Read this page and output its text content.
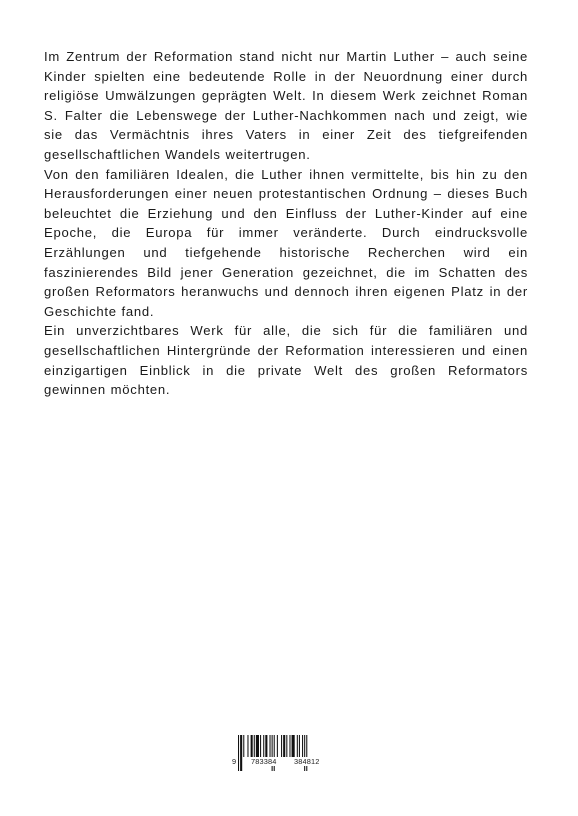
Im Zentrum der Reformation stand nicht nur Martin Luther – auch seine Kinder spielten eine bedeutende Rolle in der Neuordnung einer durch religiöse Umwälzungen geprägten Welt. In diesem Werk zeichnet Roman S. Falter die Lebenswege der Luther-Nachkommen nach und zeigt, wie sie das Vermächtnis ihres Vaters in einer Zeit des tiefgreifenden gesellschaftlichen Wandels weitertrugen.

Von den familiären Idealen, die Luther ihnen vermittelte, bis hin zu den Herausforderungen einer neuen protestantischen Ordnung – dieses Buch beleuchtet die Erziehung und den Einfluss der Luther-Kinder auf eine Epoche, die Europa für immer veränderte. Durch eindrucksvolle Erzählungen und tiefgehende historische Recherchen wird ein faszinierendes Bild jener Generation gezeichnet, die im Schatten des großen Reformators heranwuchs und dennoch ihren eigenen Platz in der Geschichte fand.

Ein unverzichtbares Werk für alle, die sich für die familiären und gesellschaftlichen Hintergründe der Reformation interessieren und einen einzigartigen Einblick in die private Welt des großen Reformators gewinnen möchten.

9 783384 384812
